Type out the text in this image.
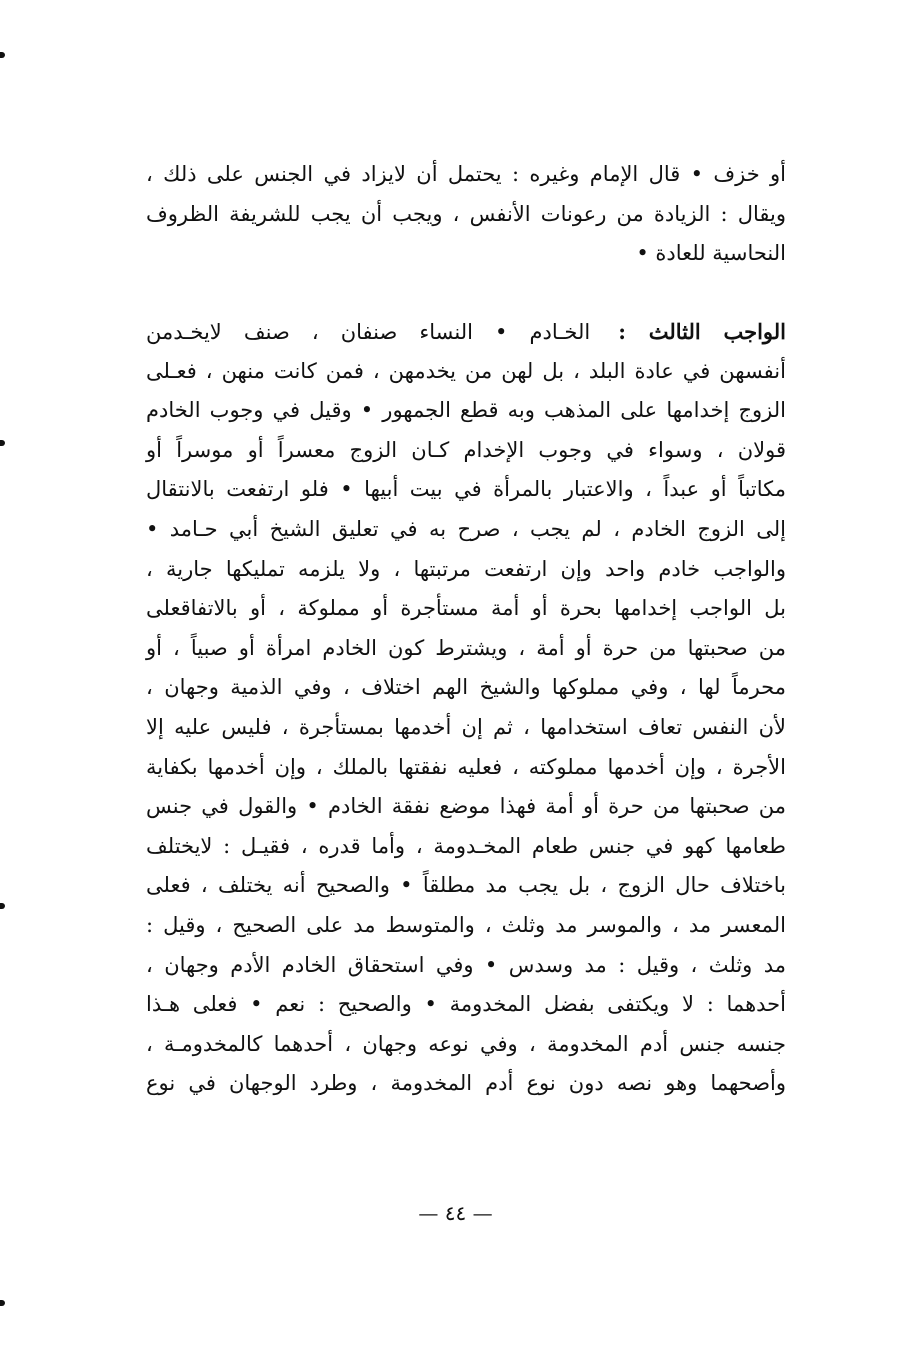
أو خزف • قال الإمام وغيره : يحتمل أن لايزاد في الجنس على ذلك ،
ويقال : الزيادة من رعونات الأنفس ، ويجب أن يجب للشريفة الظروف
النحاسية للعادة •
الواجب الثالث : الخـادم • النساء صنفان ، صنف لايخـدمن
أنفسهن في عادة البلد ، بل لهن من يخدمهن ، فمن كانت منهن ، فعـلى
الزوج إخدامها على المذهب وبه قطع الجمهور • وقيل في وجوب الخادم
قولان ، وسواء في وجوب الإخدام كـان الزوج معسراً أو موسراً أو
مكاتباً أو عبداً ، والاعتبار بالمرأة في بيت أبيها • فلو ارتفعت بالانتقال
إلى الزوج الخادم ، لم يجب ، صرح به في تعليق الشيخ أبي حـامد •
والواجب خادم واحد وإن ارتفعت مرتبتها ، ولا يلزمه تمليكها جارية ،
بل الواجب إخدامها بحرة أو أمة مستأجرة أو مملوكة ، أو بالاتفاقعلى
من صحبتها من حرة أو أمة ، ويشترط كون الخادم امرأة أو صبياً ، أو
محرماً لها ، وفي مملوكها والشيخ الهم اختلاف ، وفي الذمية وجهان ،
لأن النفس تعاف استخدامها ، ثم إن أخدمها بمستأجرة ، فليس عليه إلا
الأجرة ، وإن أخدمها مملوكته ، فعليه نفقتها بالملك ، وإن أخدمها بكفاية
من صحبتها من حرة أو أمة فهذا موضع نفقة الخادم • والقول في جنس
طعامها كهو في جنس طعام المخـدومة ، وأما قدره ، فقيـل : لايختلف
باختلاف حال الزوج ، بل يجب مد مطلقاً • والصحيح أنه يختلف ، فعلى
المعسر مد ، والموسر مد وثلث ، والمتوسط مد على الصحيح ، وقيل :
مد وثلث ، وقيل : مد وسدس • وفي استحقاق الخادم الأدم وجهان ،
أحدهما : لا ويكتفى بفضل المخدومة • والصحيح : نعم • فعلى هـذا
جنسه جنس أدم المخدومة ، وفي نوعه وجهان ، أحدهما كالمخدومـة ،
وأصحهما وهو نصه دون نوع أدم المخدومة ، وطرد الوجهان في نوع
— ٤٤ —
